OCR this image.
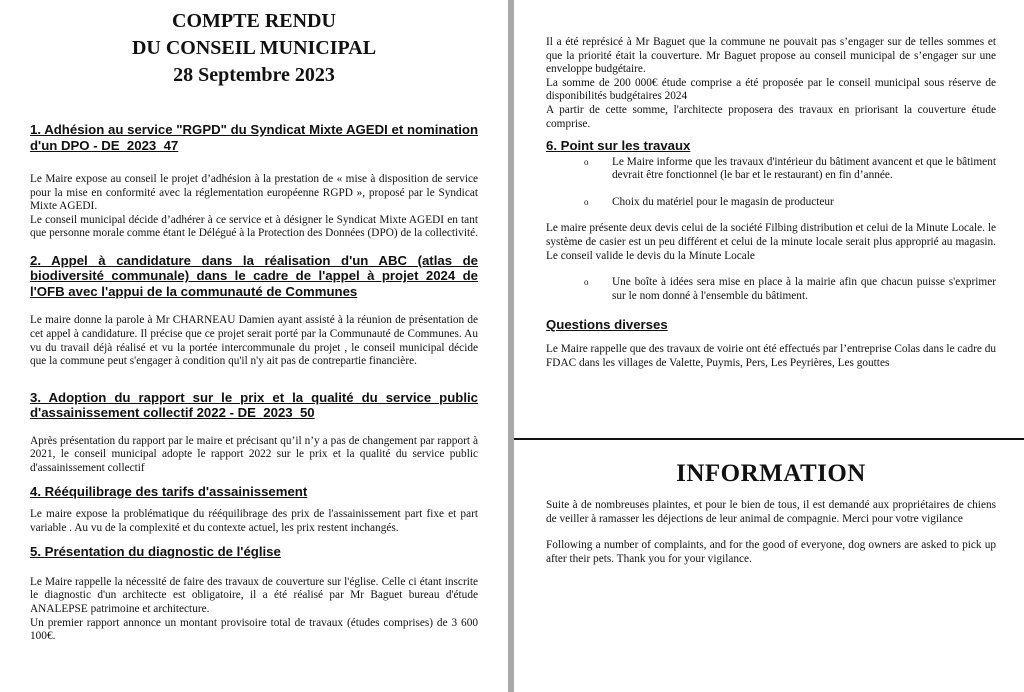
COMPTE RENDU

DU CONSEIL MUNICIPAL

28 Septembre 2023

1. Adhésion au service "RGPD" du Syndicat Mixte AGEDI et nomination d'un DPO - DE_2023_47

Le Maire expose au conseil le projet d’adhésion à la prestation de « mise à disposition de service pour la mise en conformité avec la réglementation européenne RGPD », proposé par le Syndicat Mixte AGEDI.

Le conseil municipal décide d’adhérer à ce service et à désigner le Syndicat Mixte AGEDI en tant que personne morale comme étant le Délégué à la Protection des Données (DPO) de la collectivité.

2. Appel à candidature dans la réalisation d'un ABC (atlas de biodiversité communale) dans le cadre de l'appel à projet 2024 de l'OFB avec l'appui de la communauté de Communes

Le maire donne la parole à Mr CHARNEAU Damien ayant assisté à la réunion de présentation de cet appel à candidature. Il précise que ce projet serait porté par la Communauté de Communes. Au vu du travail déjà réalisé et vu la portée intercommunale du projet , le conseil municipal décide que la commune peut s'engager à condition qu'il n'y ait pas de contrepartie financière.

3. Adoption du rapport sur le prix et la qualité du service public d'assainissement collectif 2022 - DE_2023_50

Après présentation du rapport par le maire et précisant qu’il n’y a pas de changement par rapport à 2021, le conseil municipal adopte le rapport 2022 sur le prix et la qualité du service public d'assainissement collectif

4. Rééquilibrage des tarifs d'assainissement

Le maire expose la problématique du rééquilibrage des prix de l'assainissement part fixe et part variable . Au vu de la complexité et du contexte actuel, les prix restent inchangés.

5. Présentation du diagnostic de l'église

Le Maire rappelle la nécessité de faire des travaux de couverture sur l'église. Celle ci étant inscrite le diagnostic d'un architecte est obligatoire, il a été réalisé par Mr Baguet bureau d'étude ANALEPSE patrimoine et architecture.

Un premier rapport annonce un montant provisoire total de travaux (études comprises) de 3 600 100€.

Il a été représicé à Mr Baguet que la commune ne pouvait pas s’engager sur de telles sommes et que la priorité était la couverture. Mr Baguet propose au conseil municipal de s’engager sur une enveloppe budgétaire.

La somme de 200 000€ étude comprise a été proposée par le conseil municipal sous réserve de disponibilités budgétaires 2024

A partir de cette somme, l'architecte proposera des travaux en priorisant la couverture étude comprise.

6. Point sur les travaux

o Le Maire informe que les travaux d'intérieur du bâtiment avancent et que le bâtiment devrait être fonctionnel (le bar et le restaurant) en fin d’année.

o Choix du matériel pour le magasin de producteur

Le maire présente deux devis celui de la société Filbing distribution et celui de la Minute Locale. le système de casier est un peu différent et celui de la minute locale serait plus approprié au magasin. Le conseil valide le devis du la Minute Locale

o Une boîte à idées sera mise en place à la mairie afin que chacun puisse s'exprimer sur le nom donné à l'ensemble du bâtiment.

Questions diverses

Le Maire rappelle que des travaux de voirie ont été effectués par l’entreprise Colas dans le cadre du FDAC dans les villages de Valette, Puymis, Pers, Les Peyrières, Les gouttes

INFORMATION

Suite à de nombreuses plaintes, et pour le bien de tous, il est demandé aux propriétaires de chiens de veiller à ramasser les déjections de leur animal de compagnie. Merci pour votre vigilance

Following a number of complaints, and for the good of everyone, dog owners are asked to pick up after their pets. Thank you for your vigilance.
